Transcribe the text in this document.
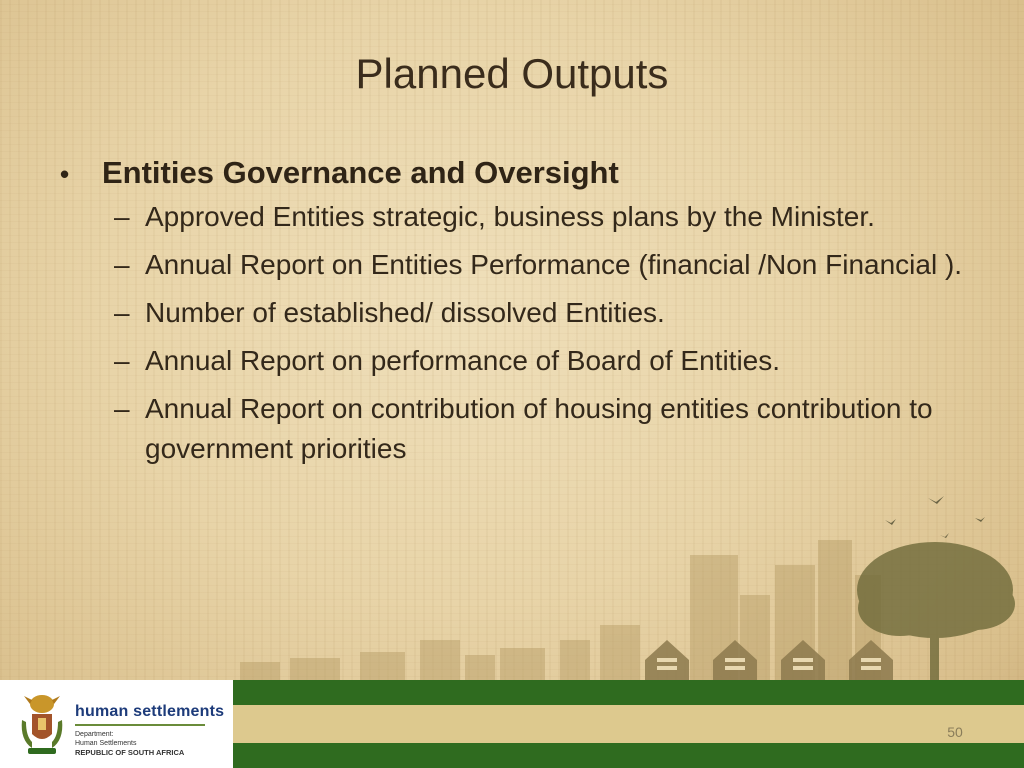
Planned Outputs
•	Entities Governance and Oversight
– Approved Entities strategic, business plans by the Minister.
– Annual Report on Entities Performance (financial /Non Financial ).
– Number of established/ dissolved Entities.
– Annual Report on performance of Board of Entities.
– Annual Report on contribution of housing entities contribution to government priorities
human settlements
Department:
Human Settlements
REPUBLIC OF SOUTH AFRICA
50
